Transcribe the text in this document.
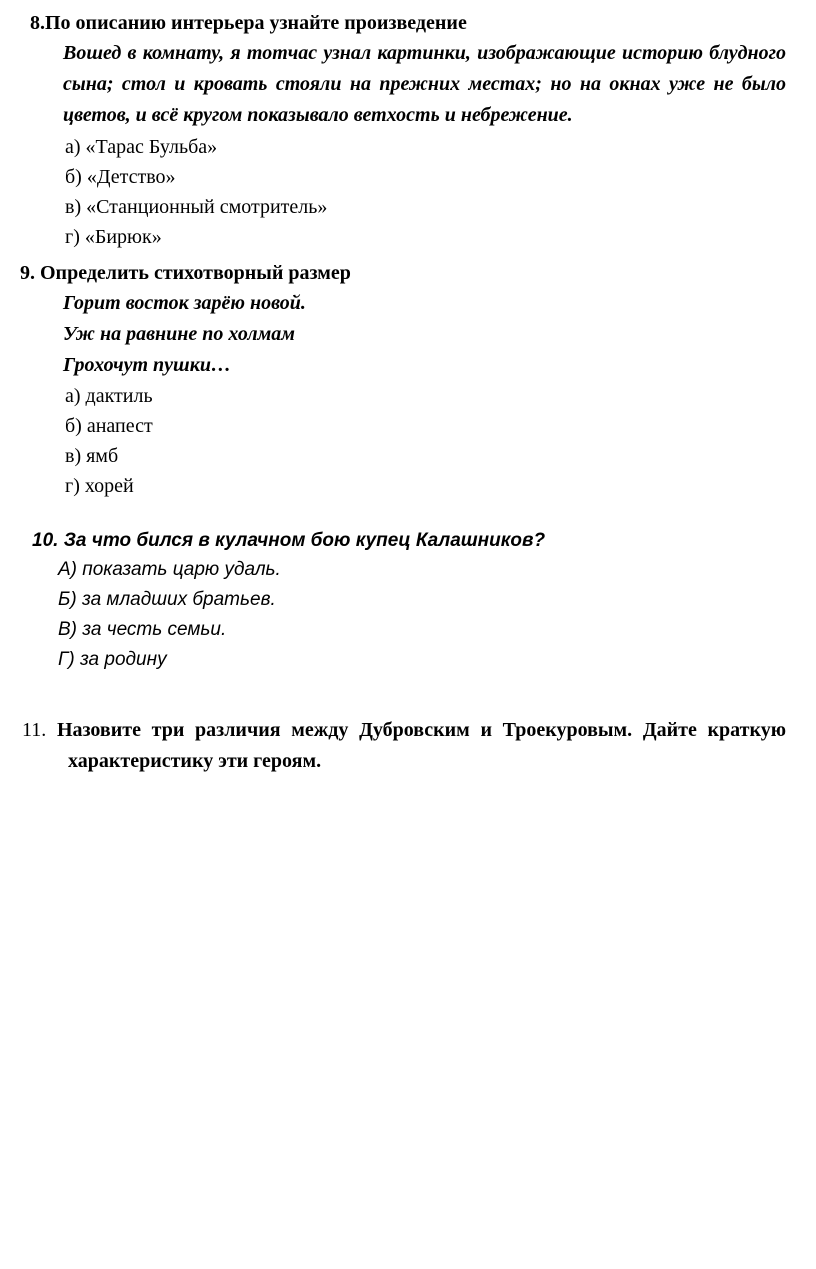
8.По описанию интерьера узнайте произведение

Вошед в комнату, я тотчас узнал картинки, изображающие историю блудного сына; стол и кровать стояли на прежних местах; но на окнах уже не было цветов, и всё кругом показывало ветхость и небрежение.

а) «Тарас Бульба»

б) «Детство»

в) «Станционный смотритель»

г) «Бирюк»

9. Определить стихотворный размер

Горит восток зарёю новой.

Уж на равнине по холмам

Грохочут пушки…

а) дактиль

б) анапест

в) ямб

г) хорей

10. За что бился в кулачном бою купец Калашников?

А) показать царю удаль.

Б) за младших братьев.

В) за честь семьи.

Г) за родину

11. Назовите три различия между Дубровским и Троекуровым. Дайте краткую характеристику эти героям.
